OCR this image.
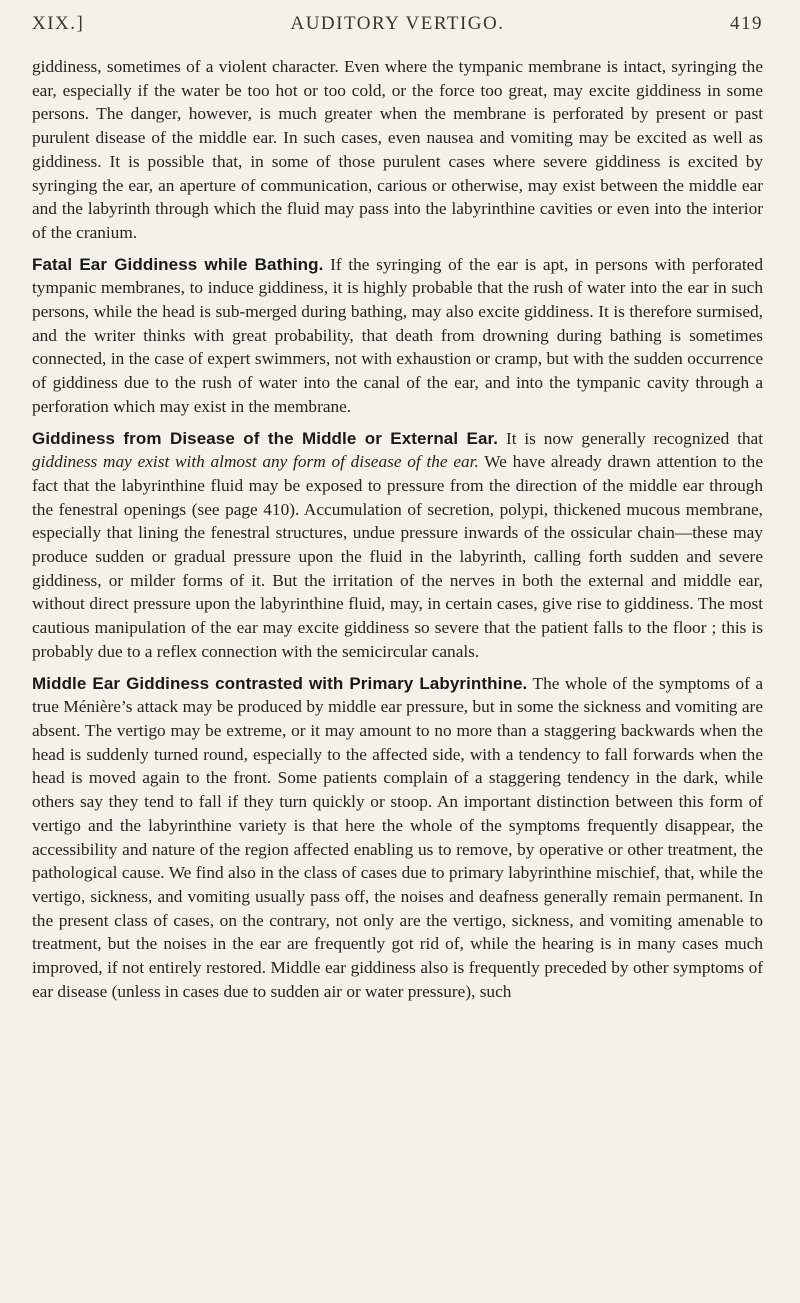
XIX.]	AUDITORY VERTIGO.	419

giddiness, sometimes of a violent character. Even where the tympanic membrane is intact, syringing the ear, especially if the water be too hot or too cold, or the force too great, may excite giddiness in some persons. The danger, however, is much greater when the membrane is perforated by present or past purulent disease of the middle ear. In such cases, even nausea and vomiting may be excited as well as giddiness. It is possible that, in some of those purulent cases where severe giddiness is excited by syringing the ear, an aperture of communication, carious or otherwise, may exist between the middle ear and the labyrinth through which the fluid may pass into the labyrinthine cavities or even into the interior of the cranium.

Fatal Ear Giddiness while Bathing. If the syringing of the ear is apt, in persons with perforated tympanic membranes, to induce giddiness, it is highly probable that the rush of water into the ear in such persons, while the head is sub-merged during bathing, may also excite giddiness. It is therefore surmised, and the writer thinks with great probability, that death from drowning during bathing is sometimes connected, in the case of expert swimmers, not with exhaustion or cramp, but with the sudden occurrence of giddiness due to the rush of water into the canal of the ear, and into the tympanic cavity through a perforation which may exist in the membrane.

Giddiness from Disease of the Middle or External Ear. It is now generally recognized that giddiness may exist with almost any form of disease of the ear. We have already drawn attention to the fact that the labyrinthine fluid may be exposed to pressure from the direction of the middle ear through the fenestral openings (see page 410). Accumulation of secretion, polypi, thickened mucous membrane, especially that lining the fenestral structures, undue pressure inwards of the ossicular chain—these may produce sudden or gradual pressure upon the fluid in the labyrinth, calling forth sudden and severe giddiness, or milder forms of it. But the irritation of the nerves in both the external and middle ear, without direct pressure upon the labyrinthine fluid, may, in certain cases, give rise to giddiness. The most cautious manipulation of the ear may excite giddiness so severe that the patient falls to the floor ; this is probably due to a reflex connection with the semicircular canals.

Middle Ear Giddiness contrasted with Primary Labyrinthine. The whole of the symptoms of a true Ménière’s attack may be produced by middle ear pressure, but in some the sickness and vomiting are absent. The vertigo may be extreme, or it may amount to no more than a staggering backwards when the head is suddenly turned round, especially to the affected side, with a tendency to fall forwards when the head is moved again to the front. Some patients complain of a staggering tendency in the dark, while others say they tend to fall if they turn quickly or stoop. An important distinction between this form of vertigo and the labyrinthine variety is that here the whole of the symptoms frequently disappear, the accessibility and nature of the region affected enabling us to remove, by operative or other treatment, the pathological cause. We find also in the class of cases due to primary labyrinthine mischief, that, while the vertigo, sickness, and vomiting usually pass off, the noises and deafness generally remain permanent. In the present class of cases, on the contrary, not only are the vertigo, sickness, and vomiting amenable to treatment, but the noises in the ear are frequently got rid of, while the hearing is in many cases much improved, if not entirely restored. Middle ear giddiness also is frequently preceded by other symptoms of ear disease (unless in cases due to sudden air or water pressure), such
